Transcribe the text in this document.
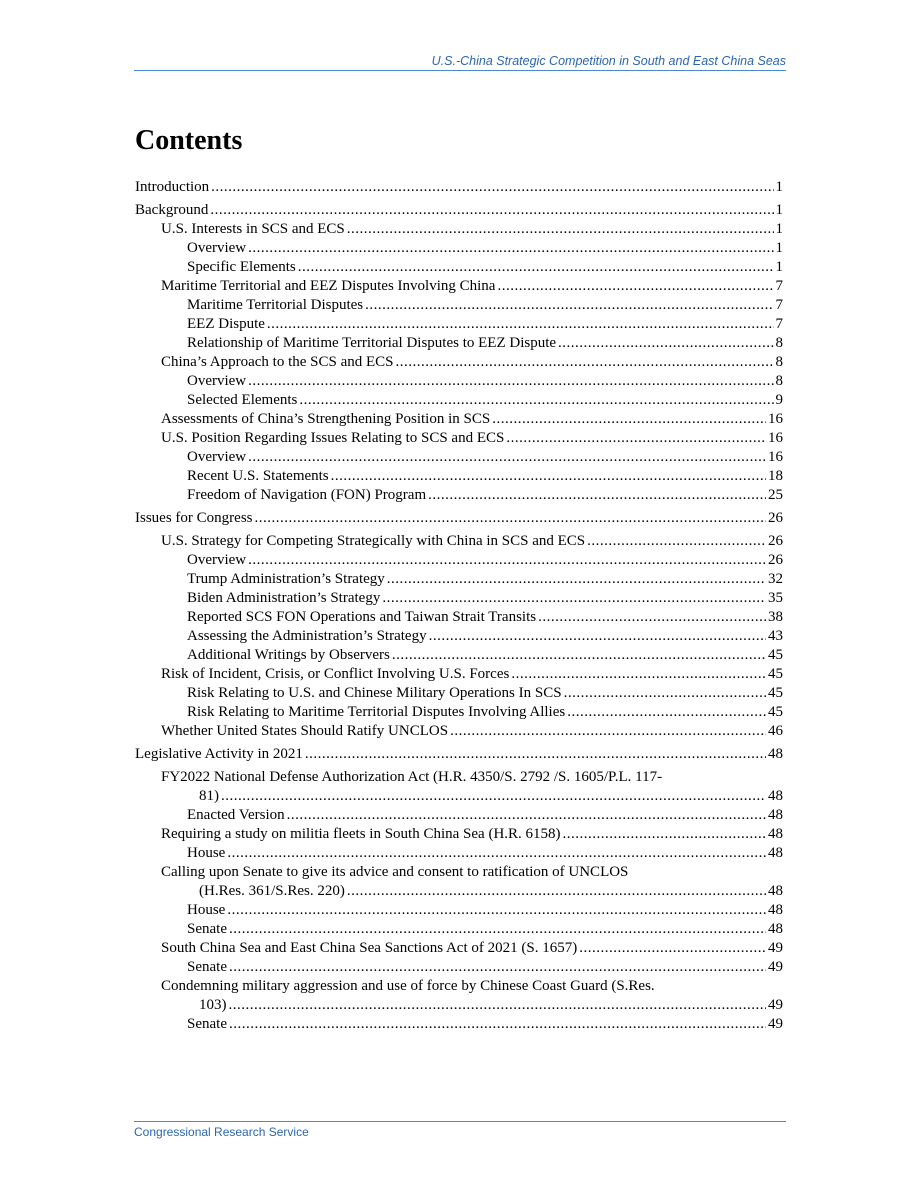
U.S.-China Strategic Competition in South and East China Seas
Contents
Introduction .....	1
Background .....	1
U.S. Interests in SCS and ECS .....	1
Overview .....	1
Specific Elements .....	1
Maritime Territorial and EEZ Disputes Involving China .....	7
Maritime Territorial Disputes .....	7
EEZ Dispute .....	7
Relationship of Maritime Territorial Disputes to EEZ Dispute .....	8
China’s Approach to the SCS and ECS .....	8
Overview .....	8
Selected Elements .....	9
Assessments of China’s Strengthening Position in SCS .....	16
U.S. Position Regarding Issues Relating to SCS and ECS .....	16
Overview .....	16
Recent U.S. Statements .....	18
Freedom of Navigation (FON) Program .....	25
Issues for Congress .....	26
U.S. Strategy for Competing Strategically with China in SCS and ECS .....	26
Overview .....	26
Trump Administration’s Strategy .....	32
Biden Administration’s Strategy .....	35
Reported SCS FON Operations and Taiwan Strait Transits .....	38
Assessing the Administration’s Strategy .....	43
Additional Writings by Observers .....	45
Risk of Incident, Crisis, or Conflict Involving U.S. Forces .....	45
Risk Relating to U.S. and Chinese Military Operations In SCS .....	45
Risk Relating to Maritime Territorial Disputes Involving Allies .....	45
Whether United States Should Ratify UNCLOS .....	46
Legislative Activity in 2021 .....	48
FY2022 National Defense Authorization Act (H.R. 4350/S. 2792 /S. 1605/P.L. 117-
81) .....	48
Enacted Version .....	48
Requiring a study on militia fleets in South China Sea (H.R. 6158) .....	48
House .....	48
Calling upon Senate to give its advice and consent to ratification of UNCLOS
(H.Res. 361/S.Res. 220) .....	48
House .....	48
Senate .....	48
South China Sea and East China Sea Sanctions Act of 2021 (S. 1657) .....	49
Senate .....	49
Condemning military aggression and use of force by Chinese Coast Guard (S.Res.
103) .....	49
Senate .....	49
Congressional Research Service
